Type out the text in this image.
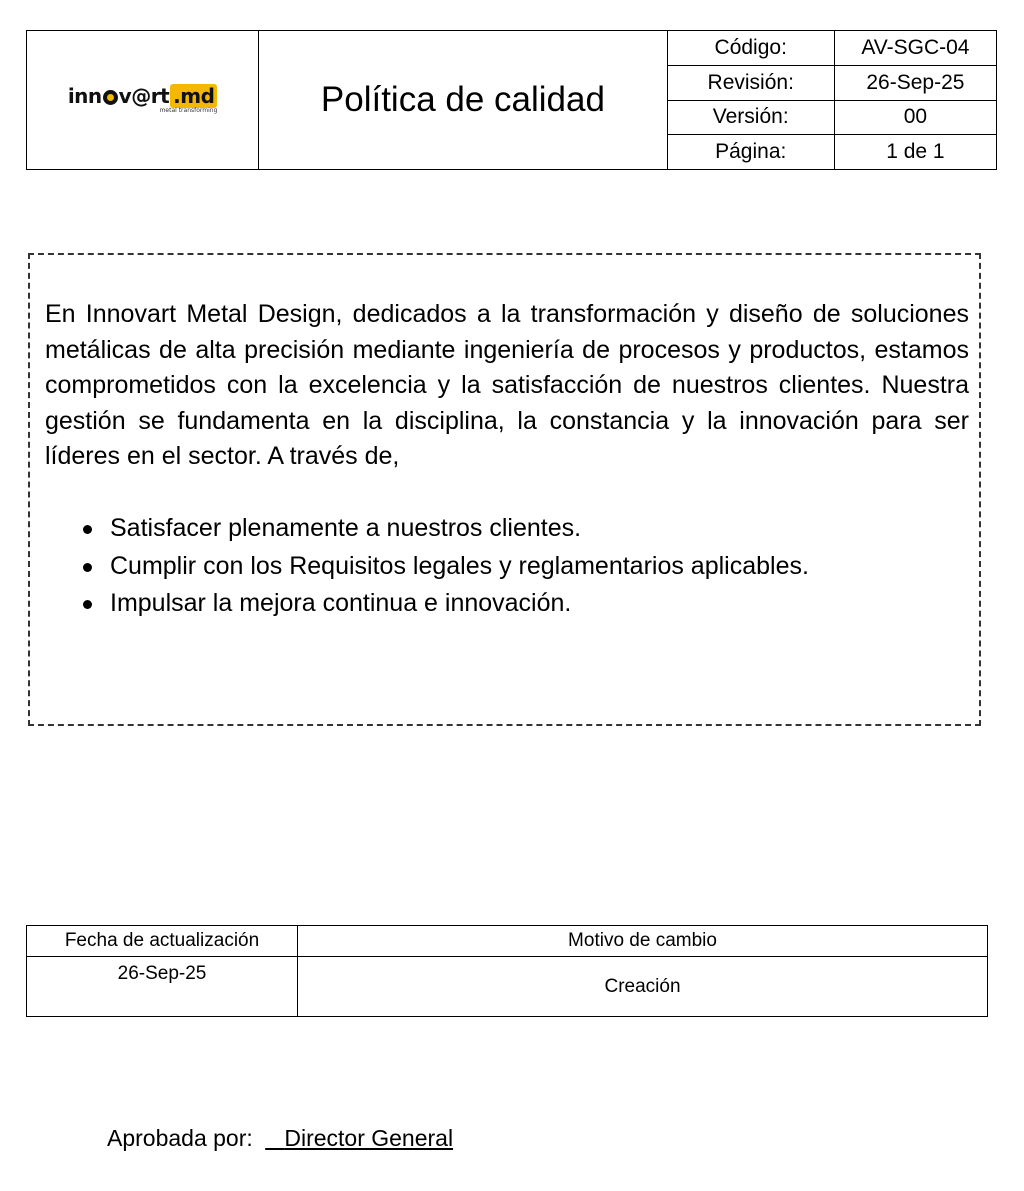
inn v@rt .md
metal transforming	Política de calidad	Código:	AV-SGC-04
		Revisión:	26-Sep-25
		Versión:	00
		Página:	1 de 1

En Innovart Metal Design, dedicados a la transformación y diseño de soluciones metálicas de alta precisión mediante ingeniería de procesos y productos, estamos comprometidos con la excelencia y la satisfacción de nuestros clientes. Nuestra gestión se fundamenta en la disciplina, la constancia y la innovación para ser líderes en el sector. A través de,

Satisfacer plenamente a nuestros clientes.
Cumplir con los Requisitos legales y reglamentarios aplicables.
Impulsar la mejora continua e innovación.
Fecha de actualización	Motivo de cambio
26-Sep-25	Creación
Aprobada por: Director General
